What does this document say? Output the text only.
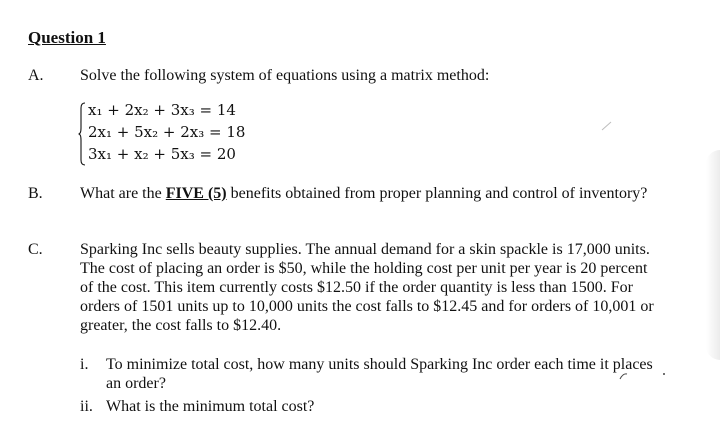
Question 1
A. Solve the following system of equations using a matrix method:
x₁ + 2x₂ + 3x₃ = 14
2x₁ + 5x₂ + 2x₃ = 18
3x₁ + x₂ + 5x₃ = 20
B. What are the FIVE (5) benefits obtained from proper planning and control of inventory?
C. Sparking Inc sells beauty supplies. The annual demand for a skin spackle is 17,000 units.
The cost of placing an order is $50, while the holding cost per unit per year is 20 percent
of the cost. This item currently costs $12.50 if the order quantity is less than 1500. For
orders of 1501 units up to 10,000 units the cost falls to $12.45 and for orders of 10,001 or
greater, the cost falls to $12.40.
i. To minimize total cost, how many units should Sparking Inc order each time it places
an order?
ii. What is the minimum total cost?
